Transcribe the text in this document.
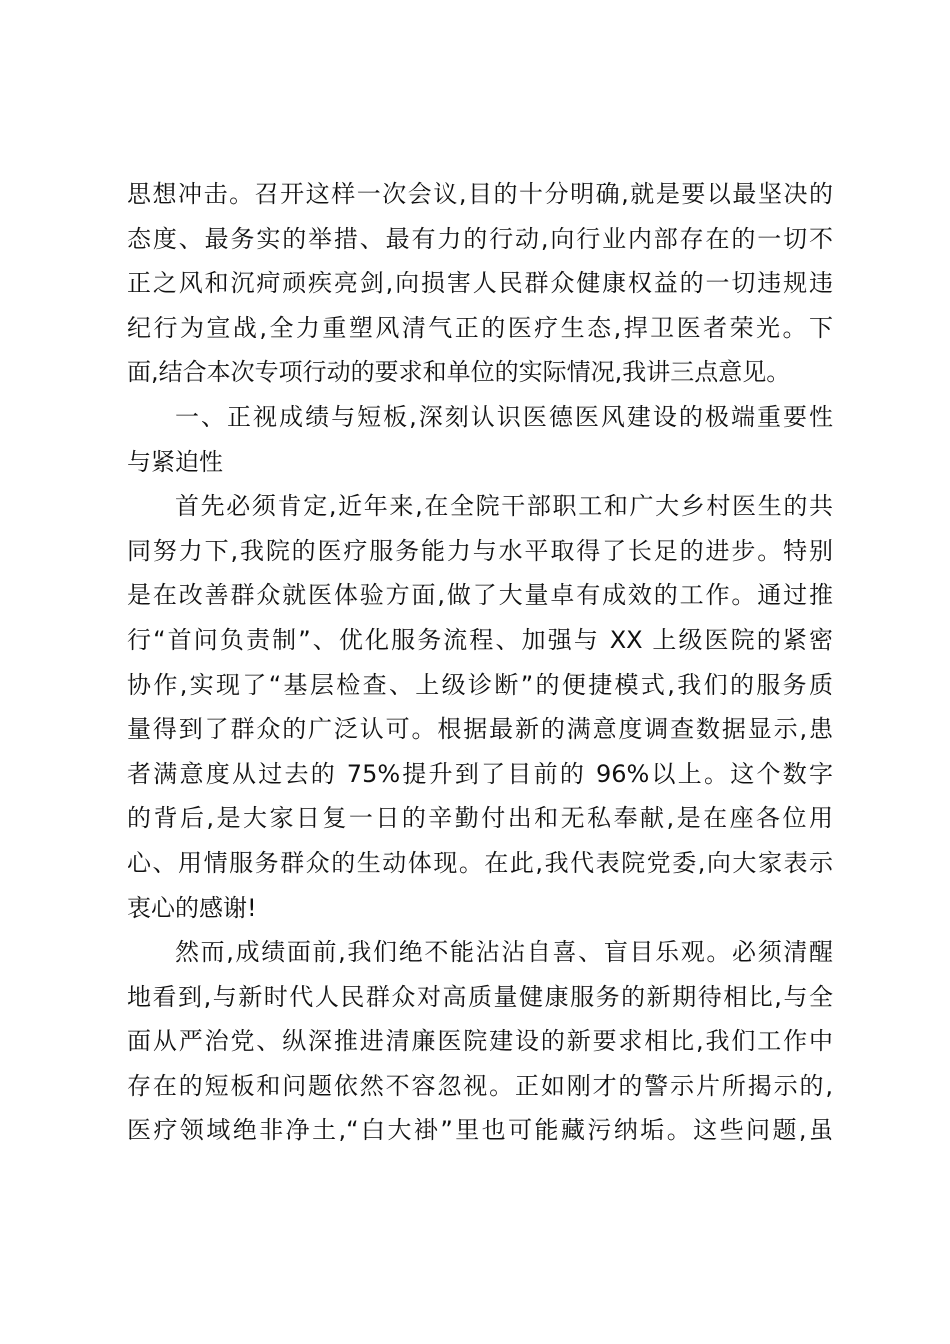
思想冲击。召开这样一次会议,目的十分明确,就是要以最坚决的
态度、最务实的举措、最有力的行动,向行业内部存在的一切不
正之风和沉疴顽疾亮剑,向损害人民群众健康权益的一切违规违
纪行为宣战,全力重塑风清气正的医疗生态,捍卫医者荣光。下
面,结合本次专项行动的要求和单位的实际情况,我讲三点意见。
一、正视成绩与短板,深刻认识医德医风建设的极端重要性
与紧迫性
首先必须肯定,近年来,在全院干部职工和广大乡村医生的共
同努力下,我院的医疗服务能力与水平取得了长足的进步。特别
是在改善群众就医体验方面,做了大量卓有成效的工作。通过推
行“首问负责制”、优化服务流程、加强与 XX 上级医院的紧密
协作,实现了“基层检查、上级诊断”的便捷模式,我们的服务质
量得到了群众的广泛认可。根据最新的满意度调查数据显示,患
者满意度从过去的 75%提升到了目前的 96%以上。这个数字
的背后,是大家日复一日的辛勤付出和无私奉献,是在座各位用
心、用情服务群众的生动体现。在此,我代表院党委,向大家表示
衷心的感谢!
然而,成绩面前,我们绝不能沾沾自喜、盲目乐观。必须清醒
地看到,与新时代人民群众对高质量健康服务的新期待相比,与全
面从严治党、纵深推进清廉医院建设的新要求相比,我们工作中
存在的短板和问题依然不容忽视。正如刚才的警示片所揭示的,
医疗领域绝非净土,“白大褂”里也可能藏污纳垢。这些问题,虽
